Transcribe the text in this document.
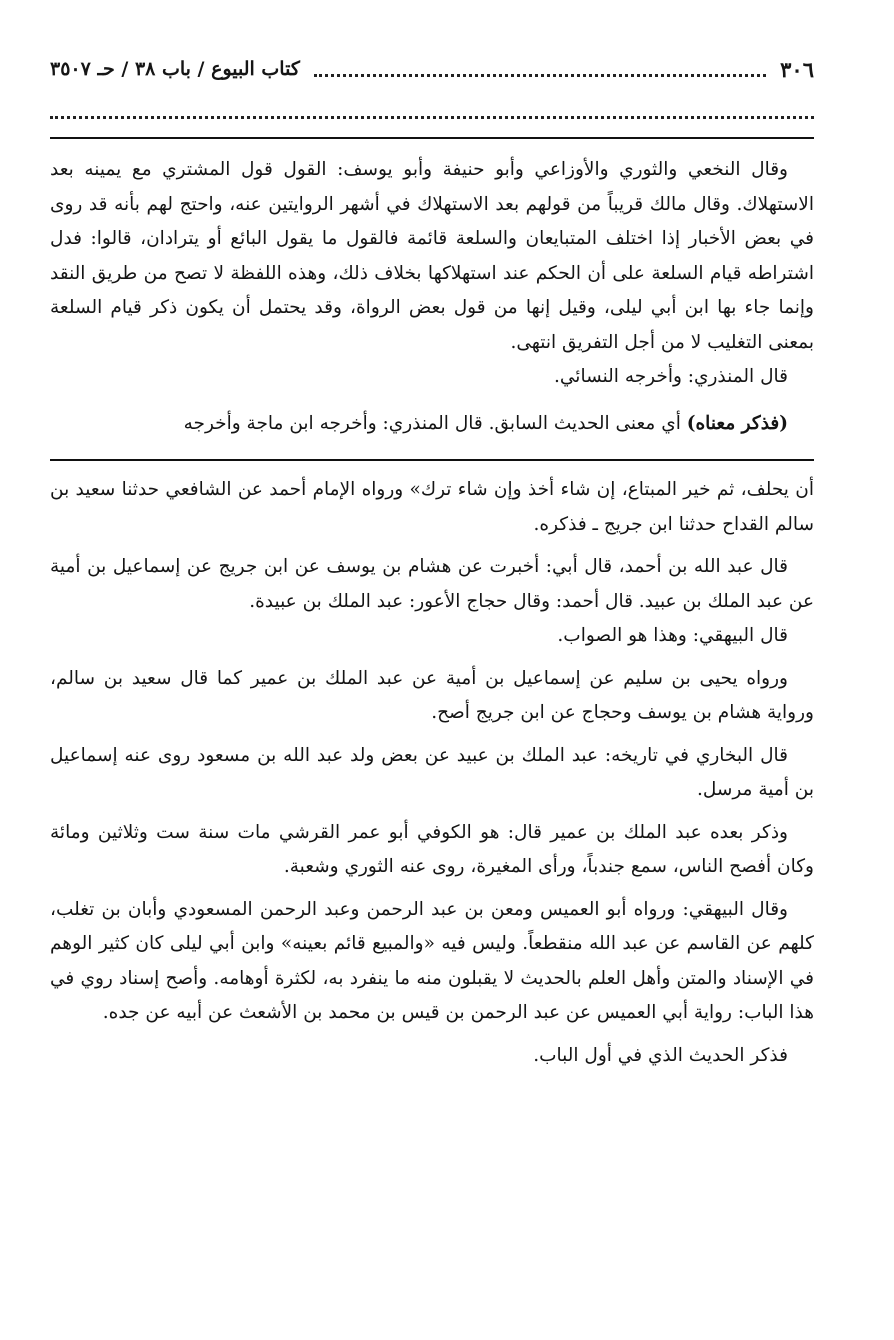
٣٠٦
كتاب البيوع / باب ٣٨ / حـ ٣٥٠٧

وقال النخعي والثوري والأوزاعي وأبو حنيفة وأبو يوسف: القول قول المشتري مع يمينه بعد الاستهلاك. وقال مالك قريباً من قولهم بعد الاستهلاك في أشهر الروايتين عنه، واحتج لهم بأنه قد روى في بعض الأخبار إذا اختلف المتبايعان والسلعة قائمة فالقول ما يقول البائع أو يترادان، قالوا: فدل اشتراطه قيام السلعة على أن الحكم عند استهلاكها بخلاف ذلك، وهذه اللفظة لا تصح من طريق النقد وإنما جاء بها ابن أبي ليلى، وقيل إنها من قول بعض الرواة، وقد يحتمل أن يكون ذكر قيام السلعة بمعنى التغليب لا من أجل التفريق انتهى.

قال المنذري: وأخرجه النسائي.

(فذكر معناه) أي معنى الحديث السابق. قال المنذري: وأخرجه ابن ماجة وأخرجه

أن يحلف، ثم خير المبتاع، إن شاء أخذ وإن شاء ترك» ورواه الإمام أحمد عن الشافعي حدثنا سعيد بن سالم القداح حدثنا ابن جريج ـ فذكره.

قال عبد الله بن أحمد، قال أبي: أخبرت عن هشام بن يوسف عن ابن جريج عن إسماعيل بن أمية عن عبد الملك بن عبيد. قال أحمد: وقال حجاج الأعور: عبد الملك بن عبيدة.

قال البيهقي: وهذا هو الصواب.

ورواه يحيى بن سليم عن إسماعيل بن أمية عن عبد الملك بن عمير كما قال سعيد بن سالم، ورواية هشام بن يوسف وحجاج عن ابن جريج أصح.

قال البخاري في تاريخه: عبد الملك بن عبيد عن بعض ولد عبد الله بن مسعود روى عنه إسماعيل بن أمية مرسل.

وذكر بعده عبد الملك بن عمير قال: هو الكوفي أبو عمر القرشي مات سنة ست وثلاثين ومائة وكان أفصح الناس، سمع جندباً، ورأى المغيرة، روى عنه الثوري وشعبة.

وقال البيهقي: ورواه أبو العميس ومعن بن عبد الرحمن وعبد الرحمن المسعودي وأبان بن تغلب، كلهم عن القاسم عن عبد الله منقطعاً. وليس فيه «والمبيع قائم بعينه» وابن أبي ليلى كان كثير الوهم في الإسناد والمتن وأهل العلم بالحديث لا يقبلون منه ما ينفرد به، لكثرة أوهامه. وأصح إسناد روي في هذا الباب: رواية أبي العميس عن عبد الرحمن بن قيس بن محمد بن الأشعث عن أبيه عن جده.

فذكر الحديث الذي في أول الباب.
